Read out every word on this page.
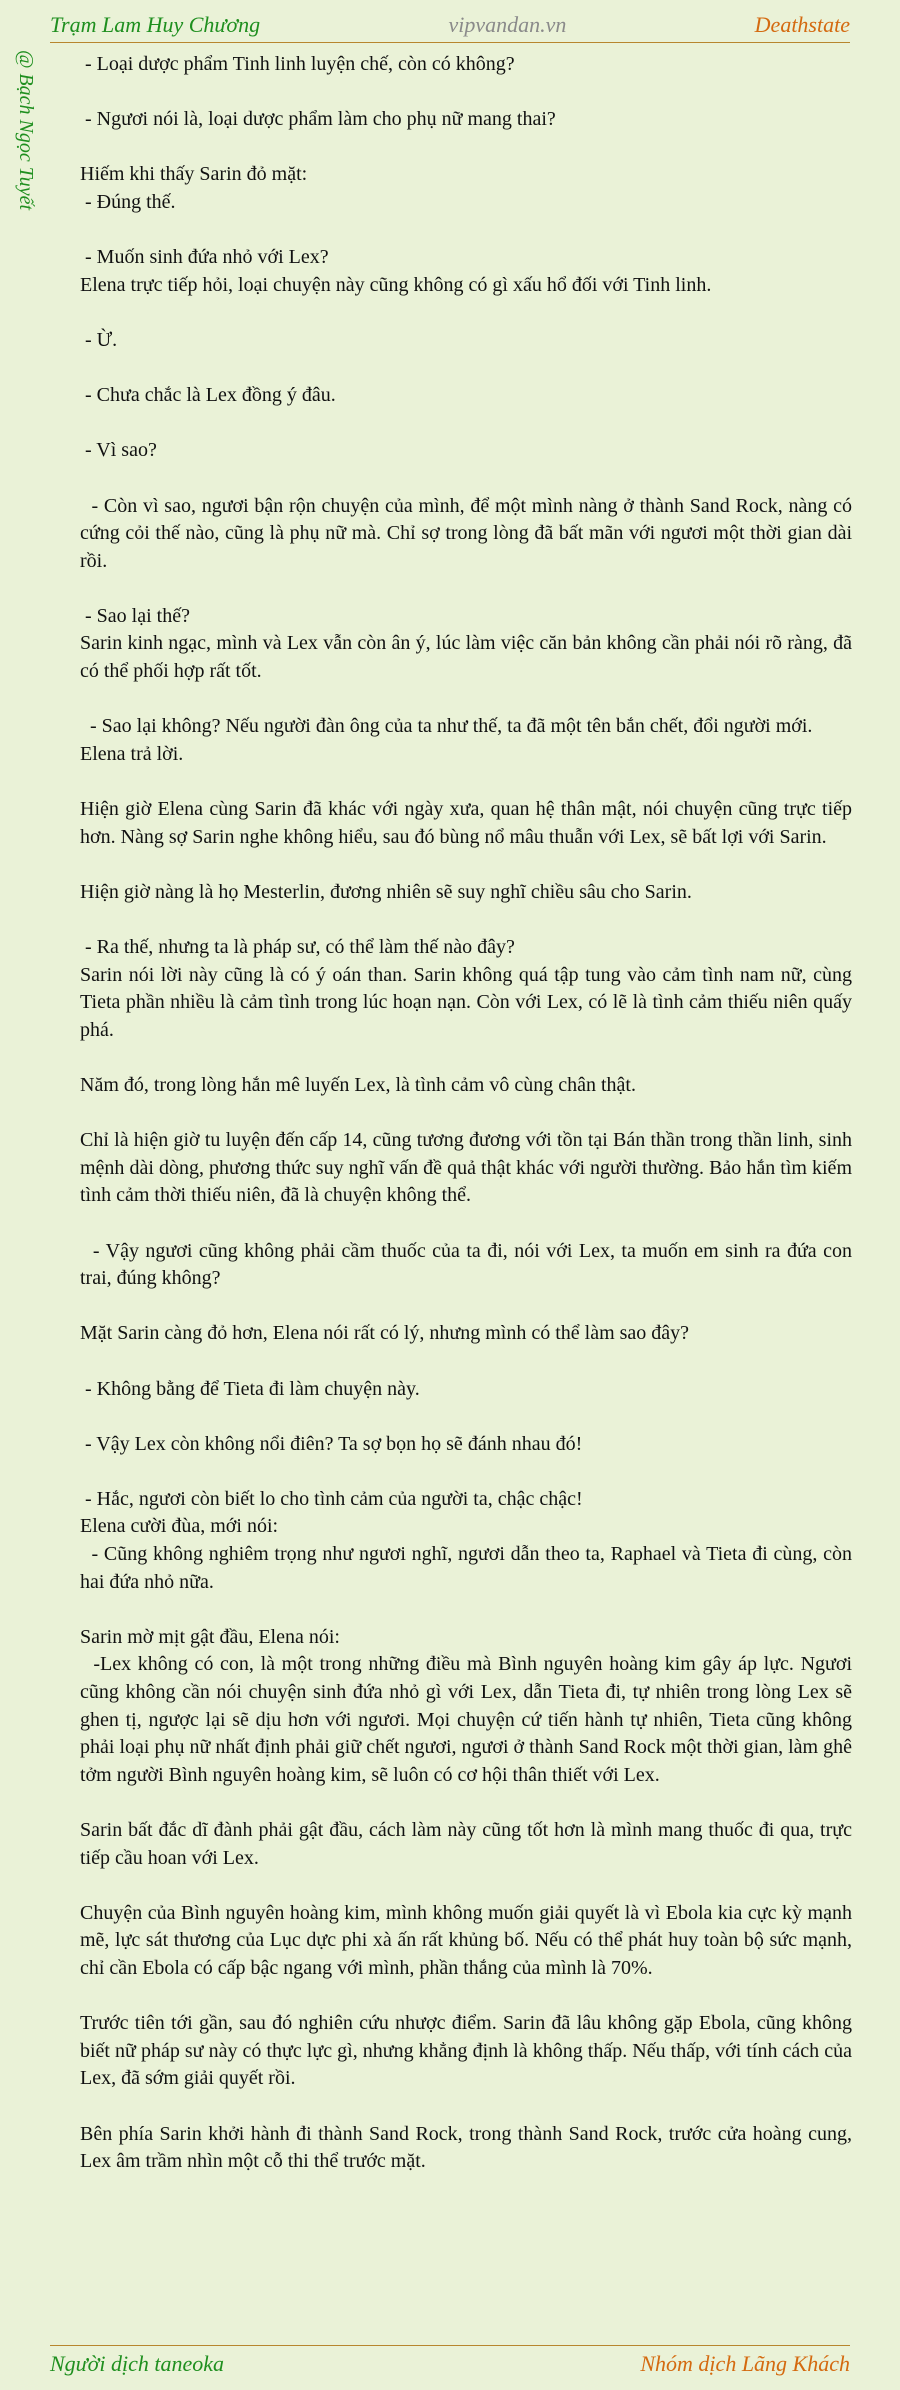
Trạm Lam Huy Chương	vipvandan.vn	Deathstate
@ Bạch Ngọc Tuyết - Loại dược phẩm Tinh linh luyện chế, còn có không?

- Ngươi nói là, loại dược phẩm làm cho phụ nữ mang thai?

Hiếm khi thấy Sarin đỏ mặt:

- Đúng thế.

- Muốn sinh đứa nhỏ với Lex?

Elena trực tiếp hỏi, loại chuyện này cũng không có gì xấu hổ đối với Tinh linh.

- Ừ.

- Chưa chắc là Lex đồng ý đâu.

- Vì sao?

- Còn vì sao, ngươi bận rộn chuyện của mình, để một mình nàng ở thành Sand Rock, nàng có cứng cỏi thế nào, cũng là phụ nữ mà. Chỉ sợ trong lòng đã bất mãn với ngươi một thời gian dài rồi.

- Sao lại thế?

Sarin kinh ngạc, mình và Lex vẫn còn ân ý, lúc làm việc căn bản không cần phải nói rõ ràng, đã có thể phối hợp rất tốt.

- Sao lại không? Nếu người đàn ông của ta như thế, ta đã một tên bắn chết, đổi người mới.

Elena trả lời.

Hiện giờ Elena cùng Sarin đã khác với ngày xưa, quan hệ thân mật, nói chuyện cũng trực tiếp hơn. Nàng sợ Sarin nghe không hiểu, sau đó bùng nổ mâu thuẫn với Lex, sẽ bất lợi với Sarin.

Hiện giờ nàng là họ Mesterlin, đương nhiên sẽ suy nghĩ chiều sâu cho Sarin.

- Ra thế, nhưng ta là pháp sư, có thể làm thế nào đây?

Sarin nói lời này cũng là có ý oán than. Sarin không quá tập tung vào cảm tình nam nữ, cùng Tieta phần nhiều là cảm tình trong lúc hoạn nạn. Còn với Lex, có lẽ là tình cảm thiếu niên quấy phá.

Năm đó, trong lòng hắn mê luyến Lex, là tình cảm vô cùng chân thật.

Chỉ là hiện giờ tu luyện đến cấp 14, cũng tương đương với tồn tại Bán thần trong thần linh, sinh mệnh dài dòng, phương thức suy nghĩ vấn đề quả thật khác với người thường. Bảo hắn tìm kiếm tình cảm thời thiếu niên, đã là chuyện không thể.

- Vậy ngươi cũng không phải cầm thuốc của ta đi, nói với Lex, ta muốn em sinh ra đứa con trai, đúng không?

Mặt Sarin càng đỏ hơn, Elena nói rất có lý, nhưng mình có thể làm sao đây?

- Không bằng để Tieta đi làm chuyện này.

- Vậy Lex còn không nổi điên? Ta sợ bọn họ sẽ đánh nhau đó!

- Hắc, ngươi còn biết lo cho tình cảm của người ta, chậc chậc!

Elena cười đùa, mới nói:

- Cũng không nghiêm trọng như ngươi nghĩ, ngươi dẫn theo ta, Raphael và Tieta đi cùng, còn hai đứa nhỏ nữa.

Sarin mờ mịt gật đầu, Elena nói:

-Lex không có con, là một trong những điều mà Bình nguyên hoàng kim gây áp lực. Ngươi cũng không cần nói chuyện sinh đứa nhỏ gì với Lex, dẫn Tieta đi, tự nhiên trong lòng Lex sẽ ghen tị, ngược lại sẽ dịu hơn với ngươi. Mọi chuyện cứ tiến hành tự nhiên, Tieta cũng không phải loại phụ nữ nhất định phải giữ chết ngươi, ngươi ở thành Sand Rock một thời gian, làm ghê tởm người Bình nguyên hoàng kim, sẽ luôn có cơ hội thân thiết với Lex.

Sarin bất đắc dĩ đành phải gật đầu, cách làm này cũng tốt hơn là mình mang thuốc đi qua, trực tiếp cầu hoan với Lex.

Chuyện của Bình nguyên hoàng kim, mình không muốn giải quyết là vì Ebola kia cực kỳ mạnh mẽ, lực sát thương của Lục dực phi xà ấn rất khủng bố. Nếu có thể phát huy toàn bộ sức mạnh, chỉ cần Ebola có cấp bậc ngang với mình, phần thắng của mình là 70%.

Trước tiên tới gần, sau đó nghiên cứu nhược điểm. Sarin đã lâu không gặp Ebola, cũng không biết nữ pháp sư này có thực lực gì, nhưng khẳng định là không thấp. Nếu thấp, với tính cách của Lex, đã sớm giải quyết rồi.

Bên phía Sarin khởi hành đi thành Sand Rock, trong thành Sand Rock, trước cửa hoàng cung, Lex âm trầm nhìn một cỗ thi thể trước mặt.

Người dịch taneoka	Nhóm dịch Lãng Khách
